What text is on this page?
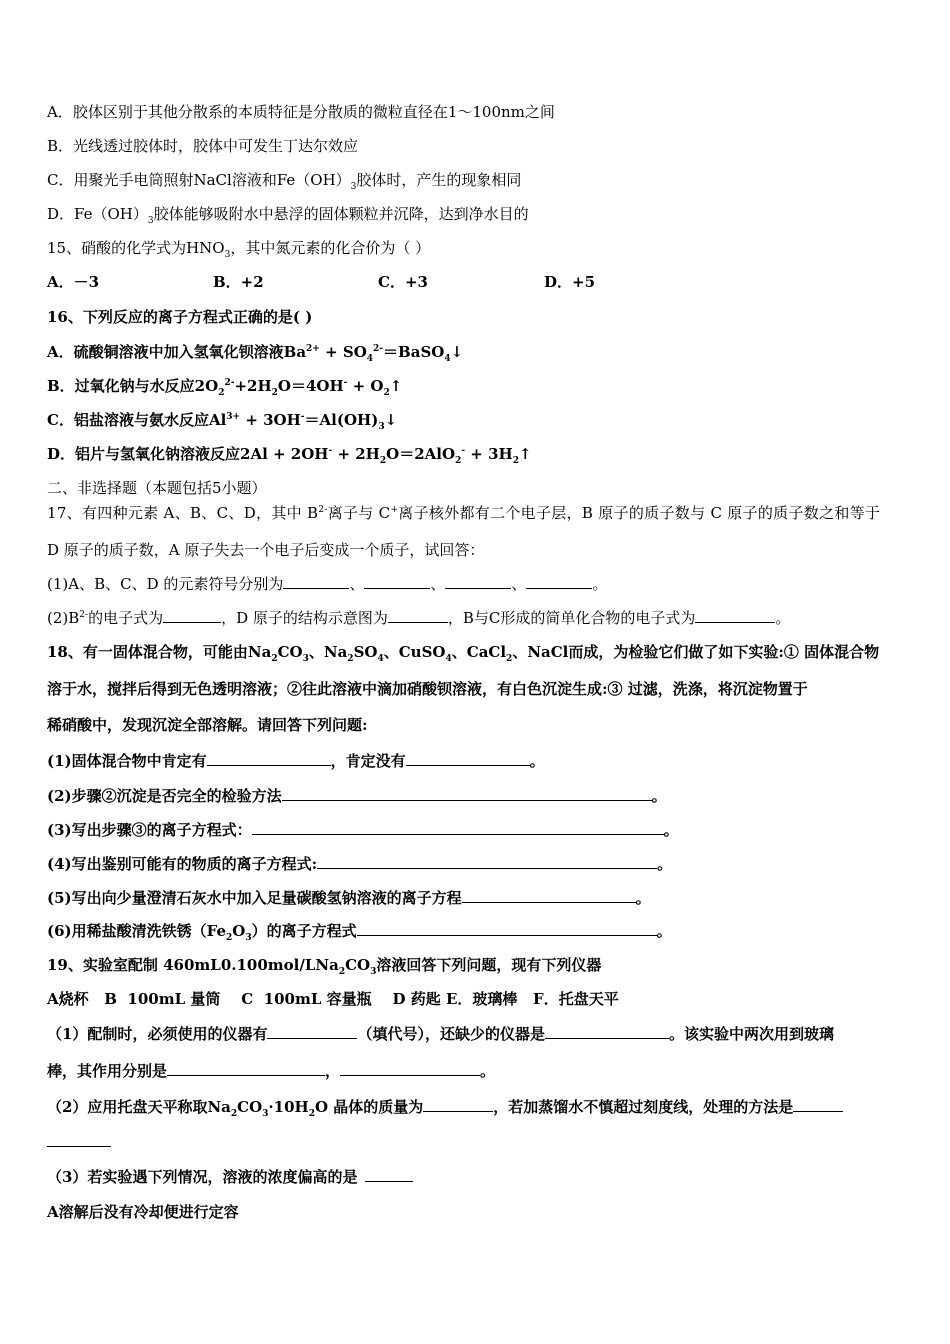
A．胶体区别于其他分散系的本质特征是分散质的微粒直径在1～100nm之间
B．光线透过胶体时，胶体中可发生丁达尔效应
C．用聚光手电筒照射NaCl溶液和$Fe(OH)_3$胶体时，产生的现象相同
D．$Fe(OH)_3$胶体能够吸附水中悬浮的固体颗粒并沉降，达到净水目的
15、硝酸的化学式为$HNO_3$，其中氮元素的化合价为（ ）
A．－3	B．+2	C．+3	D．+5
16、下列反应的离子方程式正确的是( )
A．硫酸铜溶液中加入氢氧化钡溶液$Ba^{2+}$ + $SO_4^{2-}=BaSO_4↓$
B．过氧化钠与水反应$2O_2^{2-}+2H_2O=4OH^-$ + $O_2↑$
C．铝盐溶液与氨水反应$Al^{3+}$ + $3OH^-=Al(OH)_3↓$
D．铝片与氢氧化钠溶液反应$2Al + 2OH^- + 2H_2O=2AlO_2^-$ + $3H_2↑$
二、非选择题（本题包括5小题）
17、有四种元素 A、B、C、D，其中 $B^{2-}$离子与 C+离子核外都有二个电子层，B 原子的质子数与 C 原子的质子数之和等于
D 原子的质子数，A 原子失去一个电子后变成一个质子，试回答：
(1)A、B、C、D 的元素符号分别为	、	、	、	。
$(2)B^{2-}$的电子式为	，D 原子的结构示意图为	，B与C形成的简单化合物的电子式为	。
18、有一固体混合物，可能由$Na_2CO_3$、$Na_2SO_4$、CuSO$_4$、CaCl$_2$、NaCl而成，为检验它们做了如下实验:① 固体混合物
溶于水，搅拌后得到无色透明溶液；②往此溶液中滴加硝酸钡溶液，有白色沉淀生成:③ 过滤，洗涤，将沉淀物置于
稀硝酸中，发现沉淀全部溶解。请回答下列问题:
(1)固体混合物中肯定有	，肯定没有	。
(2)步骤②沉淀是否完全的检验方法	。
(3)写出步骤③的离子方程式：	。
(4)写出鉴别可能有的物质的离子方程式:	。
(5)写出向少量澄清石灰水中加入足量碳酸氢钠溶液的离子方程	。
(6)用稀盐酸清洗铁锈$(Fe_2O_3)$的离子方程式	。
19、实验室配制 $460mL0.100mol/LNa_2CO_3$溶液回答下列问题，现有下列仪器
A烧杯   B  100mL 量筒    C  100mL 容量瓶    D 药匙 E．玻璃棒   F．托盘天平
（1）配制时，必须使用的仪器有	（填代号），还缺少的仪器是	。该实验中两次用到玻璃
棒，其作用分别是	，	。
（2）应用托盘天平称取$Na_2CO_3\cdot 10H_2O$ 晶体的质量为	，若加蒸馏水不慎超过刻度线，处理的方法是
（3）若实验遇下列情况，溶液的浓度偏高的是
A溶解后没有冷却便进行定容
